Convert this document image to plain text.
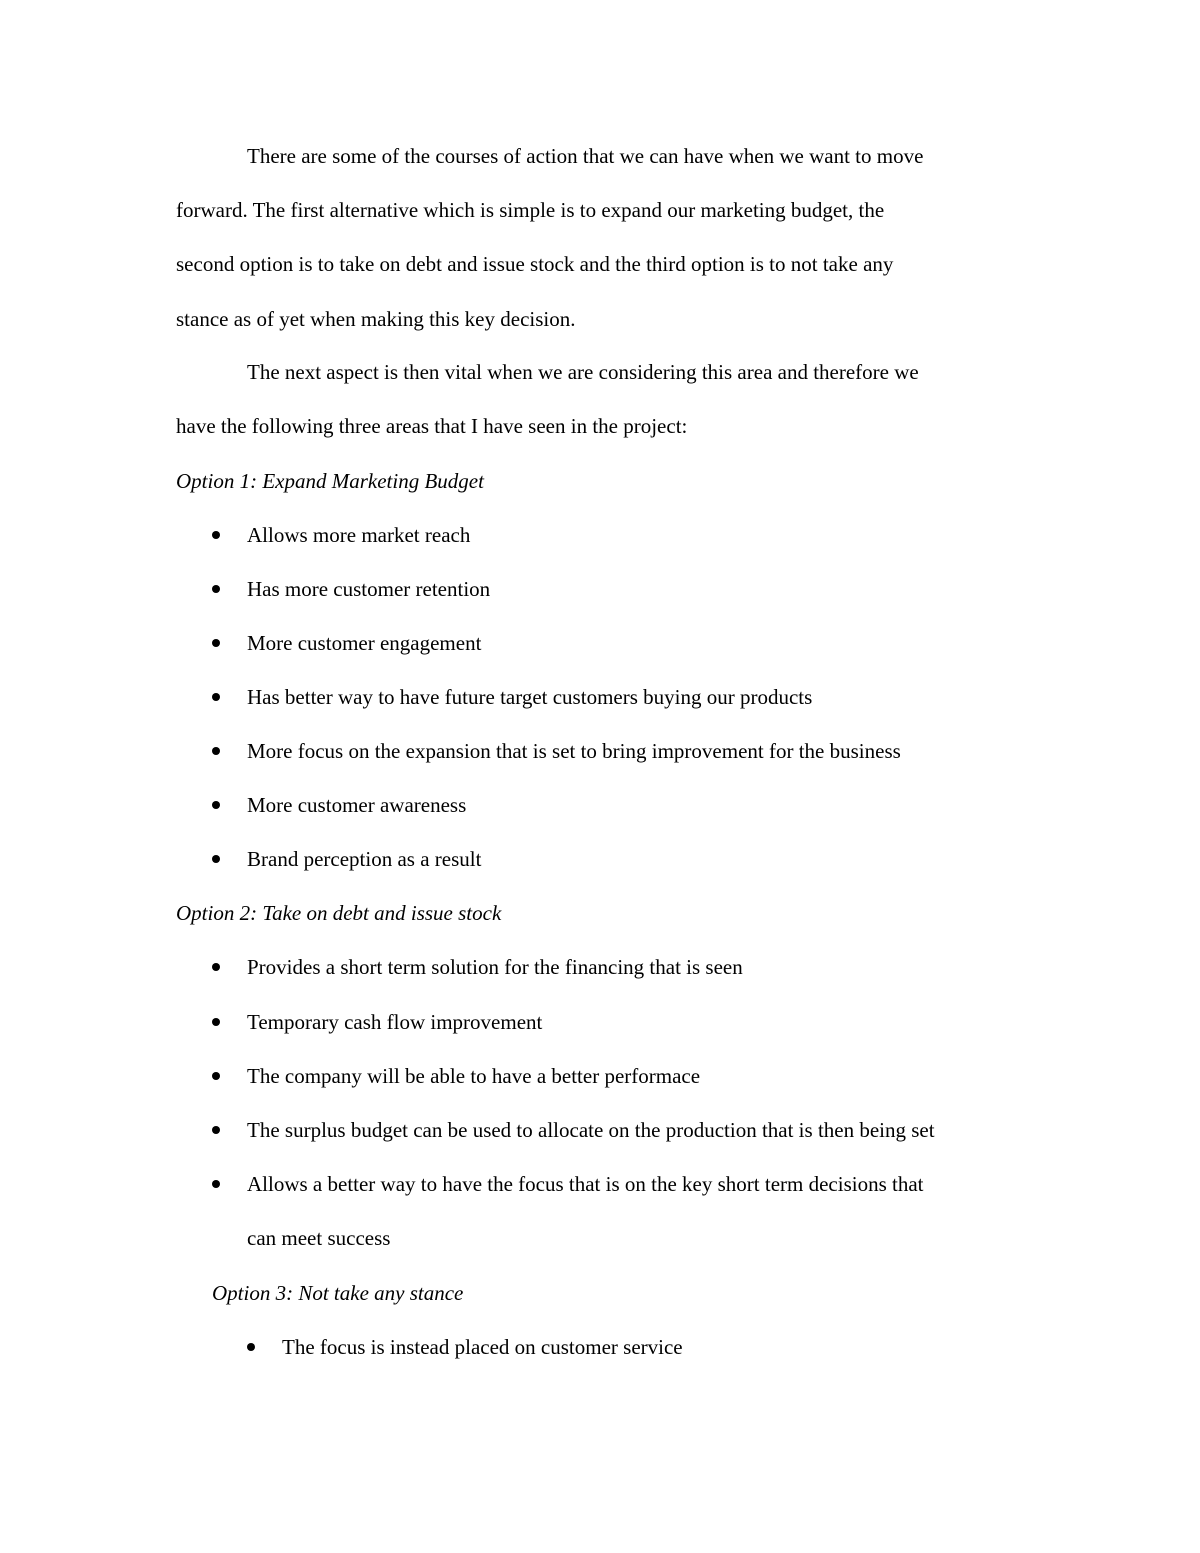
There are some of the courses of action that we can have when we want to move

forward. The first alternative which is simple is to expand our marketing budget, the

second option is to take on debt and issue stock and the third option is to not take any

stance as of yet when making this key decision.

The next aspect is then vital when we are considering this area and therefore we

have the following three areas that I have seen in the project:

Option 1: Expand Marketing Budget

Allows more market reach

Has more customer retention

More customer engagement

Has better way to have future target customers buying our products

More focus on the expansion that is set to bring improvement for the business

More customer awareness

Brand perception as a result

Option 2: Take on debt and issue stock

Provides a short term solution for the financing that is seen

Temporary cash flow improvement

The company will be able to have a better performace

The surplus budget can be used to allocate on the production that is then being set

Allows a better way to have the focus that is on the key short term decisions that

can meet success

Option 3: Not take any stance

The focus is instead placed on customer service
